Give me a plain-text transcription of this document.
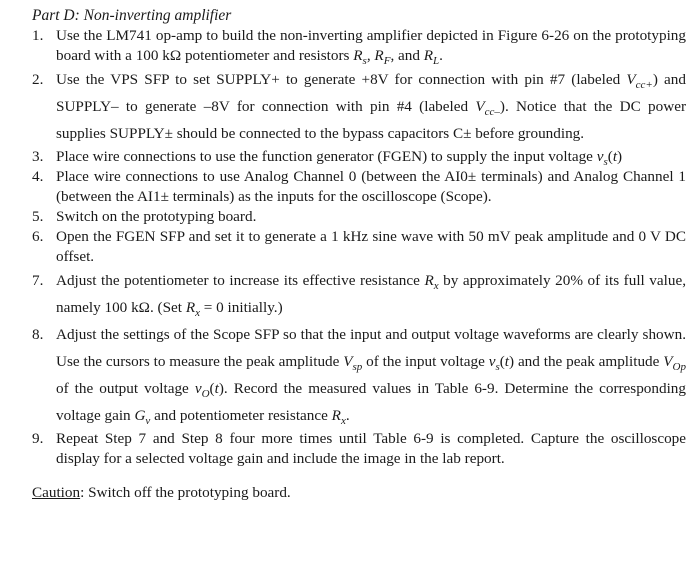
Part D: Non-inverting amplifier
1. Use the LM741 op-amp to build the non-inverting amplifier depicted in Figure 6-26 on the prototyping board with a 100 kΩ potentiometer and resistors $R_s$, $R_F$, and $R_L$.
2. Use the VPS SFP to set SUPPLY+ to generate +8V for connection with pin #7 (labeled $V_{cc+}$) and SUPPLY– to generate –8V for connection with pin #4 (labeled $V_{cc-}$). Notice that the DC power supplies SUPPLY± should be connected to the bypass capacitors C± before grounding.
3. Place wire connections to use the function generator (FGEN) to supply the input voltage $v_s(t)$
4. Place wire connections to use Analog Channel 0 (between the AI0± terminals) and Analog Channel 1 (between the AI1± terminals) as the inputs for the oscilloscope (Scope).
5. Switch on the prototyping board.
6. Open the FGEN SFP and set it to generate a 1 kHz sine wave with 50 mV peak amplitude and 0 V DC offset.
7. Adjust the potentiometer to increase its effective resistance $R_x$ by approximately 20% of its full value, namely 100 kΩ. (Set $R_x = 0$ initially.)
8. Adjust the settings of the Scope SFP so that the input and output voltage waveforms are clearly shown. Use the cursors to measure the peak amplitude $V_{sp}$ of the input voltage $v_s(t)$ and the peak amplitude $V_{Op}$ of the output voltage $v_O(t)$. Record the measured values in Table 6-9. Determine the corresponding voltage gain $G_v$ and potentiometer resistance $R_x$.
9. Repeat Step 7 and Step 8 four more times until Table 6-9 is completed. Capture the oscilloscope display for a selected voltage gain and include the image in the lab report.
Caution: Switch off the prototyping board.
